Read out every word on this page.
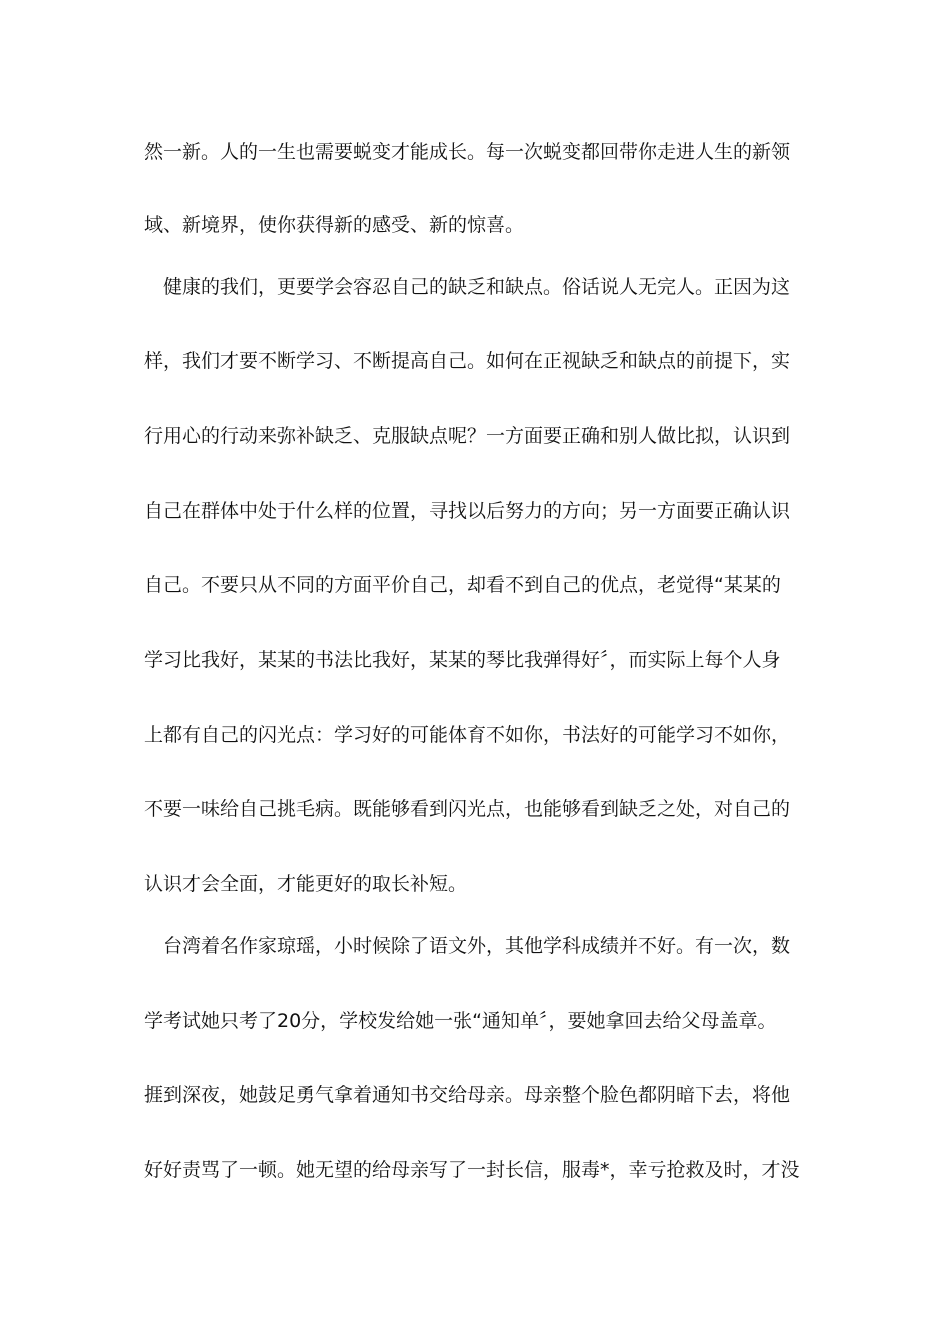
然一新。人的一生也需要蜕变才能成长。每一次蜕变都回带你走进人生的新领
域、新境界，使你获得新的感受、新的惊喜。
　健康的我们，更要学会容忍自己的缺乏和缺点。俗话说人无完人。正因为这
样，我们才要不断学习、不断提高自己。如何在正视缺乏和缺点的前提下，实
行用心的行动来弥补缺乏、克服缺点呢？一方面要正确和别人做比拟，认识到
自己在群体中处于什么样的位置，寻找以后努力的方向；另一方面要正确认识
自己。不要只从不同的方面平价自己，却看不到自己的优点，老觉得“某某的
学习比我好，某某的书法比我好，某某的琴比我弹得好〞，而实际上每个人身
上都有自己的闪光点：学习好的可能体育不如你，书法好的可能学习不如你，
不要一味给自己挑毛病。既能够看到闪光点，也能够看到缺乏之处，对自己的
认识才会全面，才能更好的取长补短。
　台湾着名作家琼瑶，小时候除了语文外，其他学科成绩并不好。有一次，数
学考试她只考了20分，学校发给她一张“通知单〞，要她拿回去给父母盖章。
捱到深夜，她鼓足勇气拿着通知书交给母亲。母亲整个脸色都阴暗下去，将他
好好责骂了一顿。她无望的给母亲写了一封长信，服毒*，幸亏抢救及时，才没
